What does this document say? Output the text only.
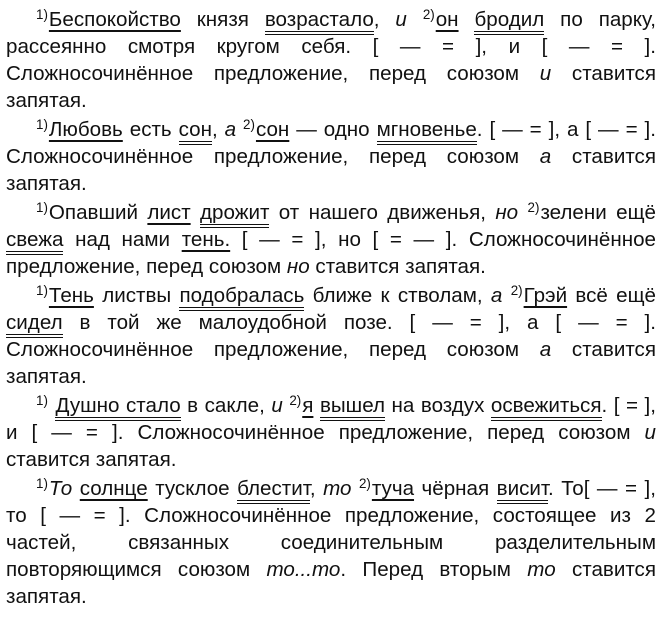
$^{1)}$Беспокойство князя возрастало, и $^{2)}$он бродил по парку, рассеянно смотря кругом себя. [ — = ], и [ — = ]. Сложносочинённое предложение, перед союзом и ставится запятая.

$^{1)}$Любовь есть сон, а $^{2)}$сон — одно мгновенье. [ — = ], а [ — = ]. Сложносочинённое предложение, перед союзом а ставится запятая.

$^{1)}$Опавший лист дрожит от нашего движенья, но $^{2)}$зелени ещё свежа над нами тень. [ — = ], но [ = — ]. Сложносочинённое предложение, перед союзом но ставится запятая.

$^{1)}$Тень листвы подобралась ближе к стволам, а $^{2)}$Грэй всё ещё сидел в той же малоудобной позе. [ — = ], а [ — = ]. Сложносочинённое предложение, перед союзом а ставится запятая.

$^{1)}$ Душно стало в сакле, и $^{2)}$я вышел на воздух освежиться. [ = ], и [ — = ]. Сложносочинённое предложение, перед союзом и ставится запятая.

$^{1)}$То солнце тусклое блестит, то $^{2)}$туча чёрная висит. То[ — = ], то [ — = ]. Сложносочинённое предложение, состоящее из 2 частей, связанных соединительным разделительным повторяющимся союзом то...то. Перед вторым то ставится запятая.
